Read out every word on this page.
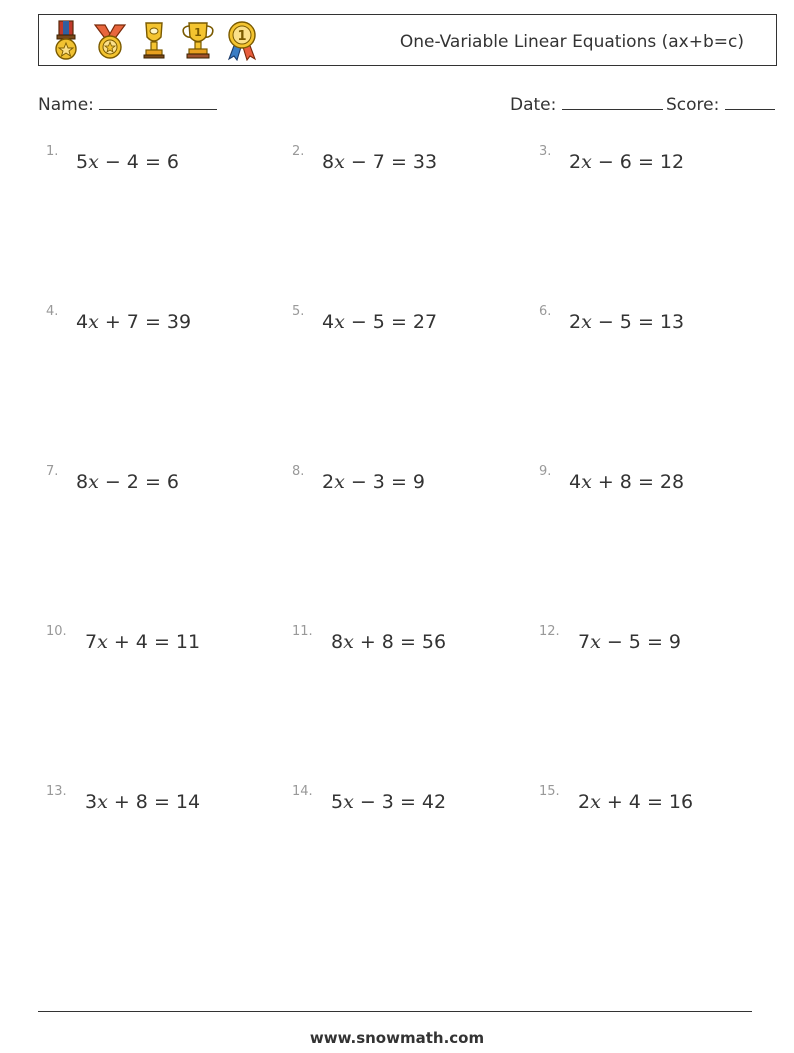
1	1	One-Variable Linear Equations (ax+b=c)
Name:	Date:	Score:
1. 5x − 4 = 6	2. 8x − 7 = 33	3. 2x − 6 = 12
4. 4x + 7 = 39	5. 4x − 5 = 27	6. 2x − 5 = 13
7. 8x − 2 = 6	8. 2x − 3 = 9	9. 4x + 8 = 28
10. 7x + 4 = 11	11. 8x + 8 = 56	12. 7x − 5 = 9
13. 3x + 8 = 14	14. 5x − 3 = 42	15. 2x + 4 = 16
www.snowmath.com
